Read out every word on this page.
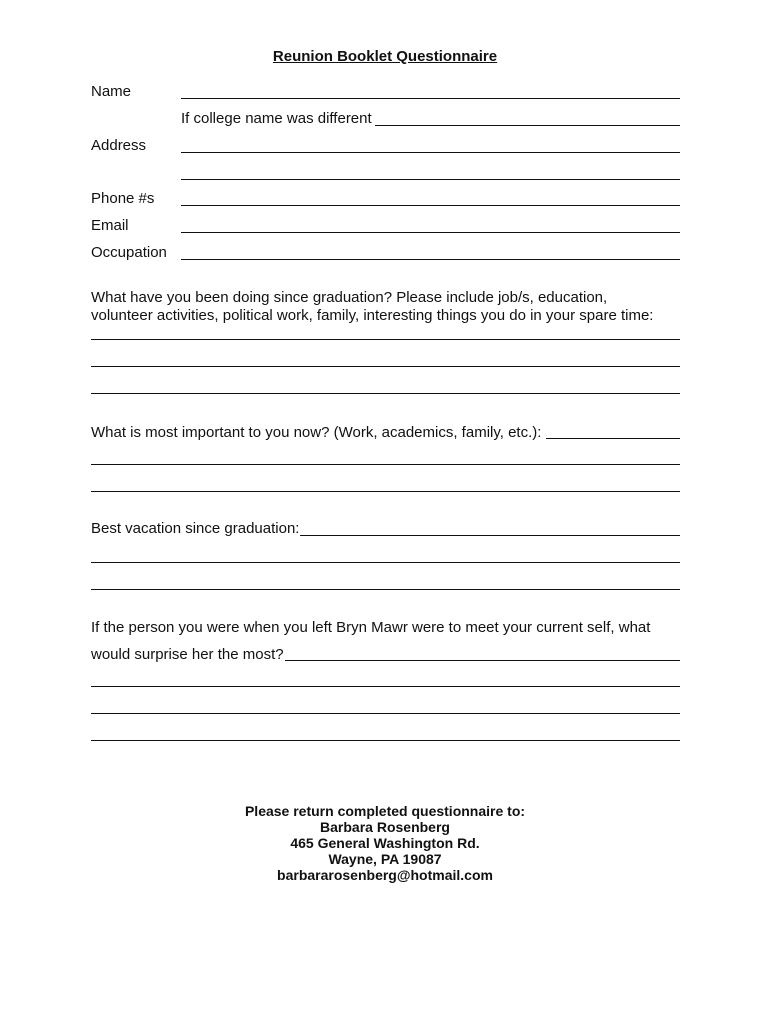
Reunion Booklet Questionnaire
Name
If college name was different
Address
Phone #s
Email
Occupation
What have you been doing since graduation? Please include job/s, education,
volunteer activities, political work, family, interesting things you do in your spare time:
What is most important to you now? (Work, academics, family, etc.):
Best vacation since graduation:
If the person you were when you left Bryn Mawr were to meet your current self, what
would surprise her the most?
Please return completed questionnaire to:
Barbara Rosenberg
465 General Washington Rd.
Wayne, PA 19087
barbararosenberg@hotmail.com
